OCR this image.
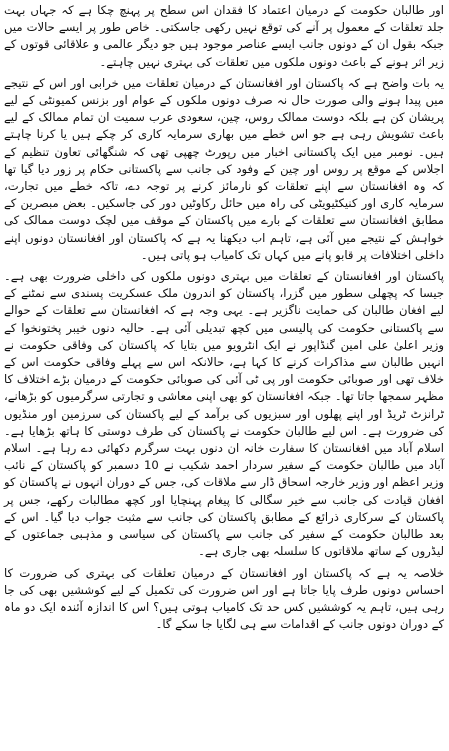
اور طالبان حکومت کے درمیان اعتماد کا فقدان اس سطح پر پہنچ چکا ہے کہ جہاں بہت جلد تعلقات کے معمول پر آنے کی توقع نہیں رکھی جاسکتی۔ خاص طور پر ایسے حالات میں جبکہ بقول ان کے دونوں جانب ایسے عناصر موجود ہیں جو دیگر عالمی و علاقائی قوتوں کے زیر اثر ہونے کے باعث دونوں ملکوں میں تعلقات کی بہتری نہیں چاہتے۔

یہ بات واضح ہے کہ پاکستان اور افغانستان کے درمیان تعلقات میں خرابی اور اس کے نتیجے میں پیدا ہونے والی صورت حال نہ صرف دونوں ملکوں کے عوام اور بزنس کمیونٹی کے لیے پریشان کن ہے بلکہ دوست ممالک روس، چین، سعودی عرب سمیت ان تمام ممالک کے لیے باعث تشویش رہی ہے جو اس خطے میں بھاری سرمایہ کاری کر چکے ہیں یا کرنا چاہتے ہیں۔ نومبر میں ایک پاکستانی اخبار میں رپورٹ چھپی تھی کہ شنگھائی تعاون تنظیم کے اجلاس کے موقع پر روس اور چین کے وفود کی جانب سے پاکستانی حکام پر زور دیا گیا تھا کہ وہ افغانستان سے اپنے تعلقات کو نارمائز کرنے پر توجہ دے، تاکہ خطے میں تجارت، سرمایہ کاری اور کنیکٹیویٹی کی راہ میں حائل رکاوٹیں دور کی جاسکیں۔ بعض مبصرین کے مطابق افغانستان سے تعلقات کے بارے میں پاکستان کے موقف میں لچک دوست ممالک کی خواہش کے نتیجے میں آئی ہے، تاہم اب دیکھنا یہ ہے کہ پاکستان اور افغانستان دونوں اپنے داخلی اختلافات پر قابو پانے میں کہاں تک کامیاب ہو پاتی ہیں۔

پاکستان اور افغانستان کے تعلقات میں بہتری دونوں ملکوں کی داخلی ضرورت بھی ہے۔ جیسا کہ پچھلی سطور میں گزرا، پاکستان کو اندرون ملک عسکریت پسندی سے نمٹنے کے لیے افغان طالبان کی حمایت ناگزیر ہے۔ یہی وجہ ہے کہ افغانستان سے تعلقات کے حوالے سے پاکستانی حکومت کی پالیسی میں کچھ تبدیلی آئی ہے۔ حالیہ دنوں خیبر پختونخوا کے وزیر اعلیٰ علی امین گنڈاپور نے ایک انٹرویو میں بتایا کہ پاکستان کی وفاقی حکومت نے انہیں طالبان سے مذاکرات کرنے کا کہا ہے، حالانکہ اس سے پہلے وفاقی حکومت اس کے خلاف تھی اور صوبائی حکومت اور پی ٹی آئی کی صوبائی حکومت کے درمیان بڑے اختلاف کا مظہر سمجھا جاتا تھا۔ جبکہ افغانستان کو بھی اپنی معاشی و تجارتی سرگرمیوں کو بڑھانے، ٹرانزٹ ٹریڈ اور اپنے پھلوں اور سبزیوں کی برآمد کے لیے پاکستان کی سرزمین اور منڈیوں کی ضرورت ہے۔ اس لیے طالبان حکومت نے پاکستان کی طرف دوستی کا ہاتھ بڑھایا ہے۔ اسلام آباد میں افغانستان کا سفارت خانہ ان دنوں بہت سرگرم دکھائی دے رہا ہے۔ اسلام آباد میں طالبان حکومت کے سفیر سردار احمد شکیب نے 10 دسمبر کو پاکستان کے نائب وزیر اعظم اور وزیر خارجہ اسحاق ڈار سے ملاقات کی، جس کے دوران انہوں نے پاکستان کو افغان قیادت کی جانب سے خیر سگالی کا پیغام پہنچایا اور کچھ مطالبات رکھے، جس پر پاکستان کے سرکاری ذرائع کے مطابق پاکستان کی جانب سے مثبت جواب دیا گیا۔ اس کے بعد طالبان حکومت کے سفیر کی جانب سے پاکستان کی سیاسی و مذہبی جماعتوں کے لیڈروں کے ساتھ ملاقاتوں کا سلسلہ بھی جاری ہے۔

خلاصہ یہ ہے کہ پاکستان اور افغانستان کے درمیان تعلقات کی بہتری کی ضرورت کا احساس دونوں طرف پایا جاتا ہے اور اس ضرورت کی تکمیل کے لیے کوششیں بھی کی جا رہی ہیں، تاہم یہ کوششیں کس حد تک کامیاب ہوتی ہیں؟ اس کا اندازہ آئندہ ایک دو ماہ کے دوران دونوں جانب کے اقدامات سے ہی لگایا جا سکے گا۔
